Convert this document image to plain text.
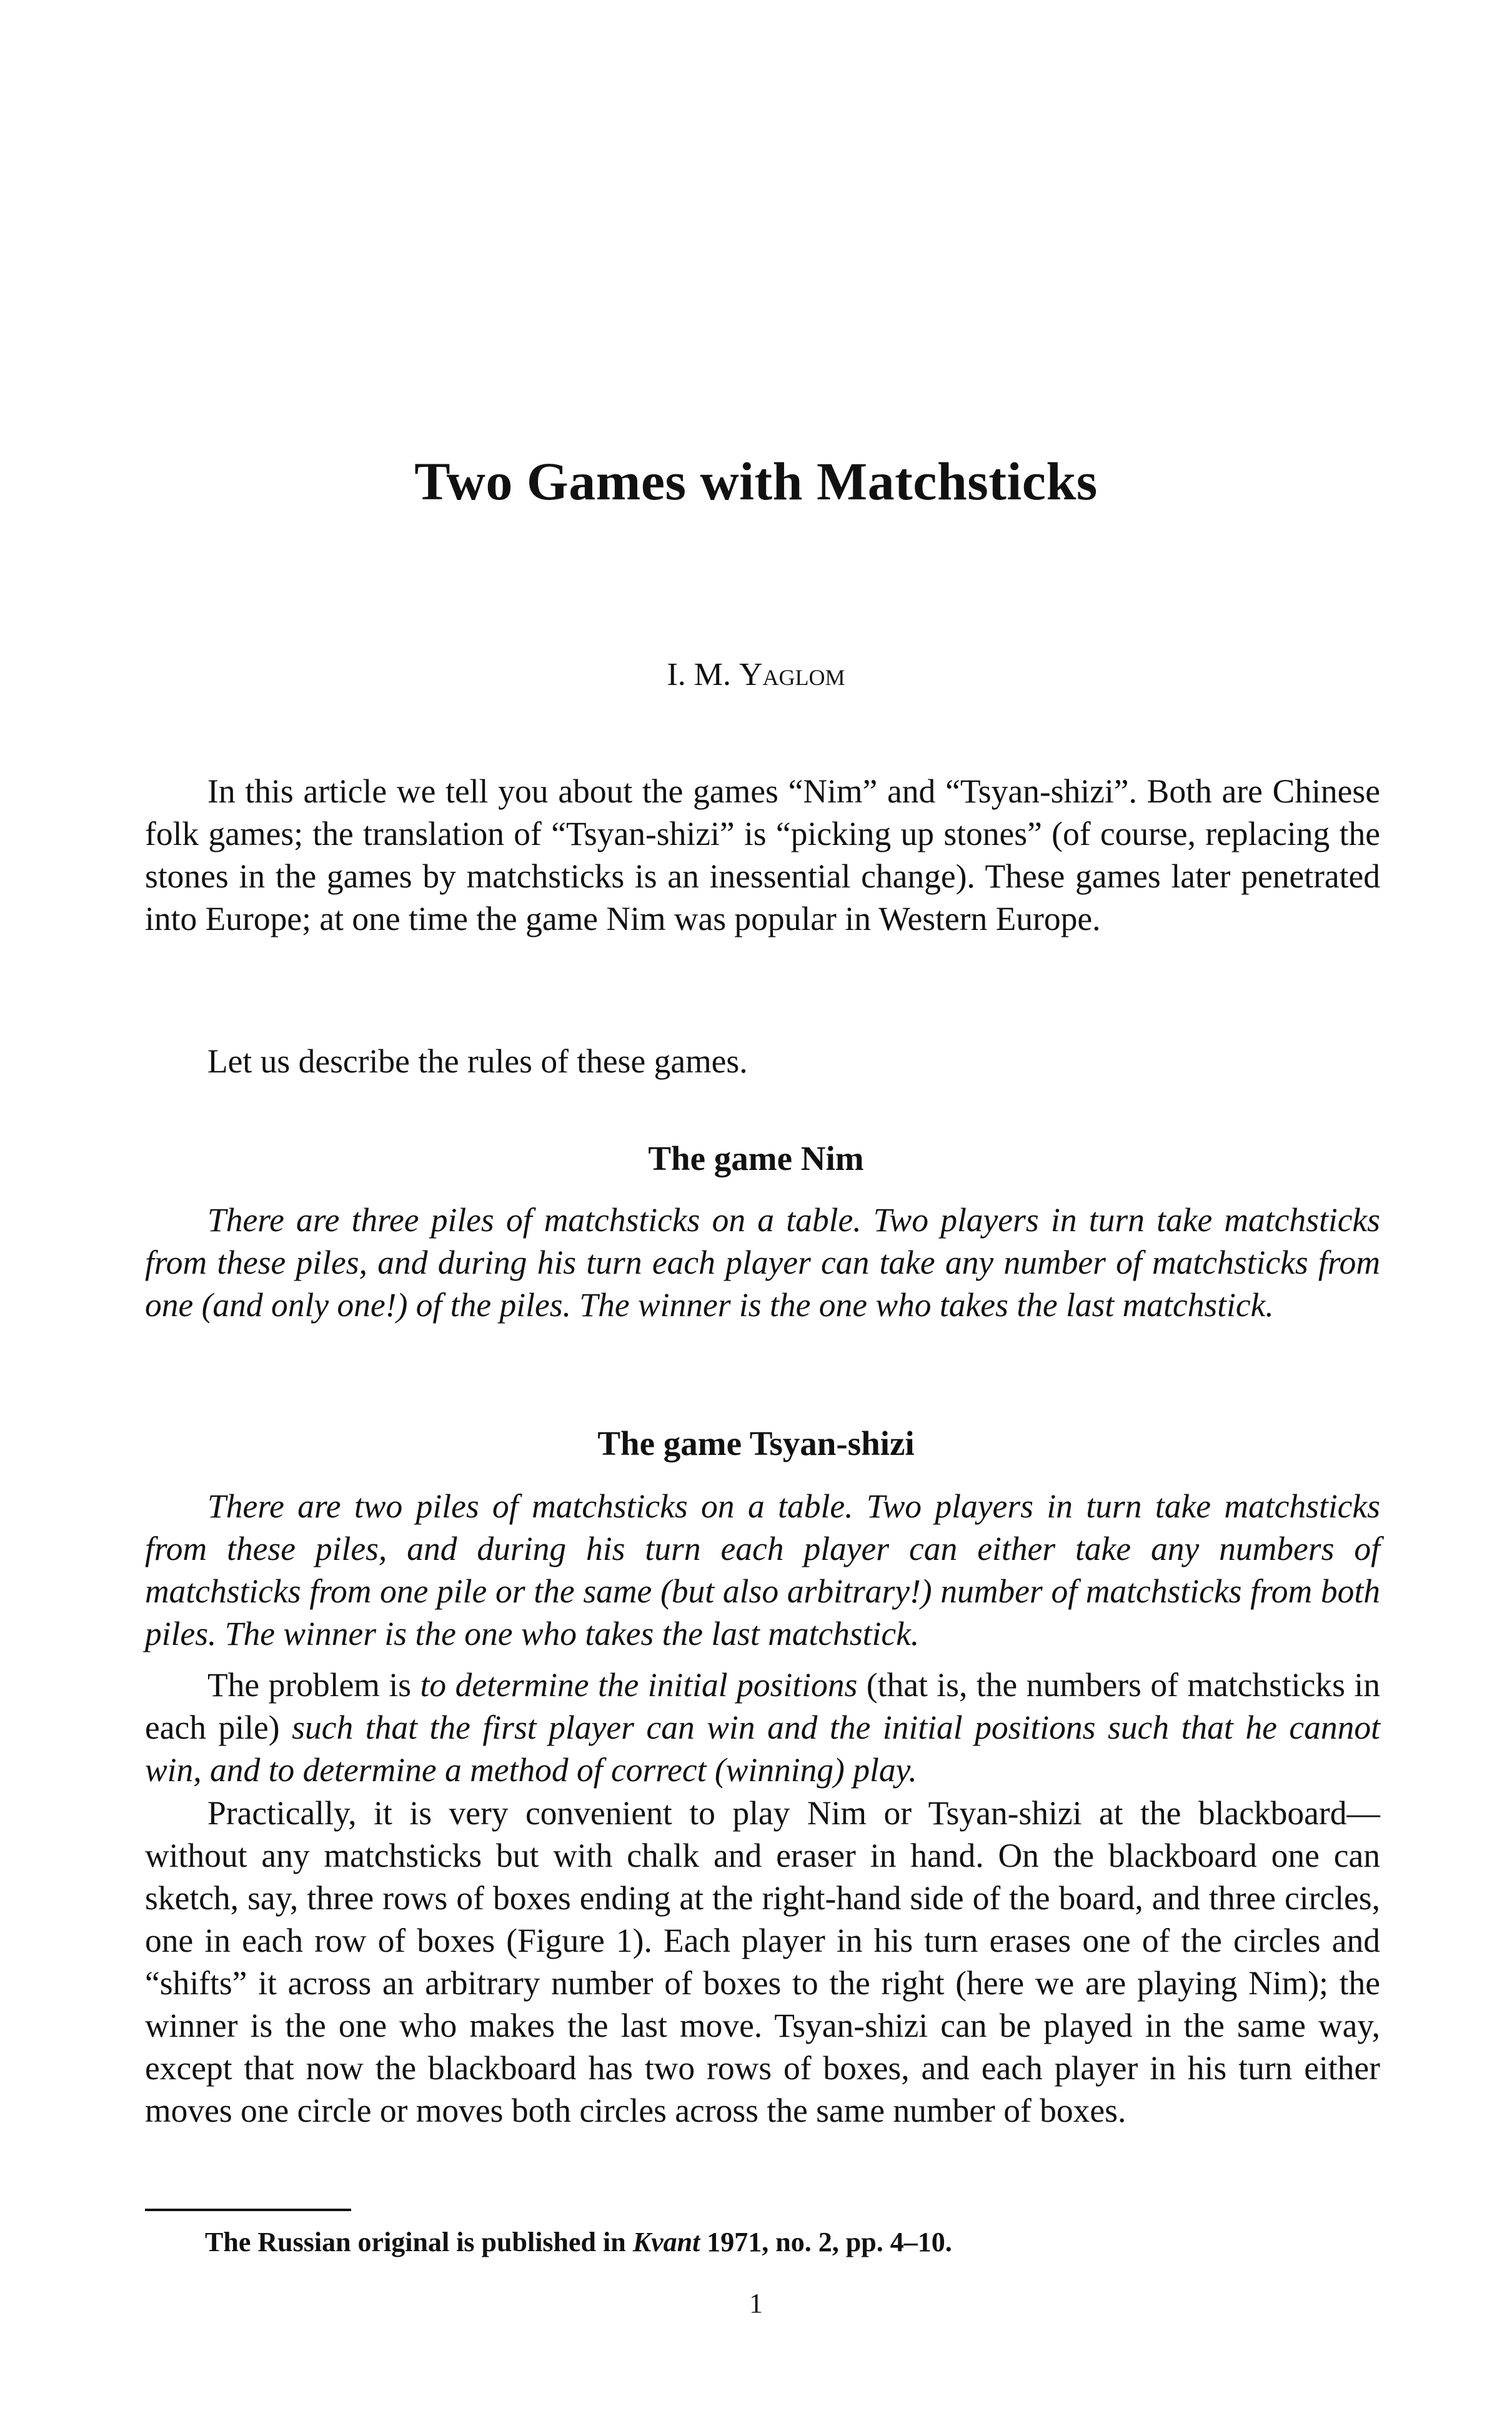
Two Games with Matchsticks
I. M. Yaglom

In this article we tell you about the games “Nim” and “Tsyan-shizi”. Both are Chinese folk games; the translation of “Tsyan-shizi” is “picking up stones” (of course, replacing the stones in the games by matchsticks is an inessential change). These games later penetrated into Europe; at one time the game Nim was popular in Western Europe.

Let us describe the rules of these games.

The game Nim

There are three piles of matchsticks on a table. Two players in turn take matchsticks from these piles, and during his turn each player can take any number of matchsticks from one (and only one!) of the piles. The winner is the one who takes the last matchstick.

The game Tsyan-shizi

There are two piles of matchsticks on a table. Two players in turn take matchsticks from these piles, and during his turn each player can either take any numbers of matchsticks from one pile or the same (but also arbitrary!) number of matchsticks from both piles. The winner is the one who takes the last matchstick.

The problem is to determine the initial positions (that is, the numbers of matchsticks in each pile) such that the first player can win and the initial positions such that he cannot win, and to determine a method of correct (winning) play.

Practically, it is very convenient to play Nim or Tsyan-shizi at the blackboard— without any matchsticks but with chalk and eraser in hand. On the blackboard one can sketch, say, three rows of boxes ending at the right-hand side of the board, and three circles, one in each row of boxes (Figure 1). Each player in his turn erases one of the circles and “shifts” it across an arbitrary number of boxes to the right (here we are playing Nim); the winner is the one who makes the last move. Tsyan-shizi can be played in the same way, except that now the blackboard has two rows of boxes, and each player in his turn either moves one circle or moves both circles across the same number of boxes.

The Russian original is published in Kvant 1971, no. 2, pp. 4–10.
1
